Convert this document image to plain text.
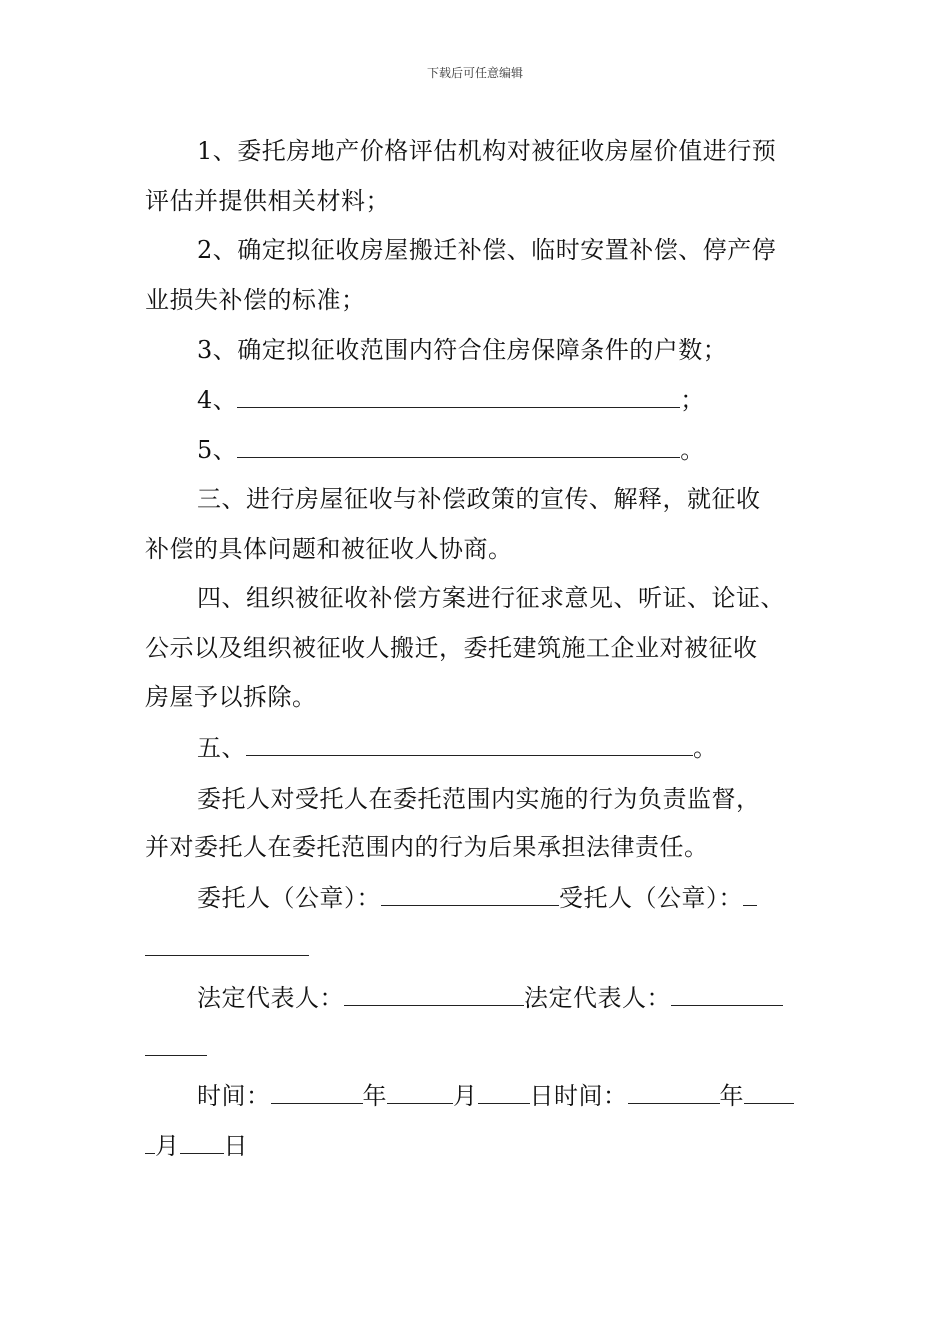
下载后可任意编辑
1、委托房地产价格评估机构对被征收房屋价值进行预
评估并提供相关材料；
2、确定拟征收房屋搬迁补偿、临时安置补偿、停产停
业损失补偿的标准；
3、确定拟征收范围内符合住房保障条件的户数；
4、	；
5、	。
三、进行房屋征收与补偿政策的宣传、解释，就征收
补偿的具体问题和被征收人协商。
四、组织被征收补偿方案进行征求意见、听证、论证、
公示以及组织被征收人搬迁，委托建筑施工企业对被征收
房屋予以拆除。
五、	。
委托人对受托人在委托范围内实施的行为负责监督，
并对委托人在委托范围内的行为后果承担法律责任。
委托人（公章）：	受托人（公章）：
法定代表人：	法定代表人：
时间：	年	月 日时间：	年
月 日
